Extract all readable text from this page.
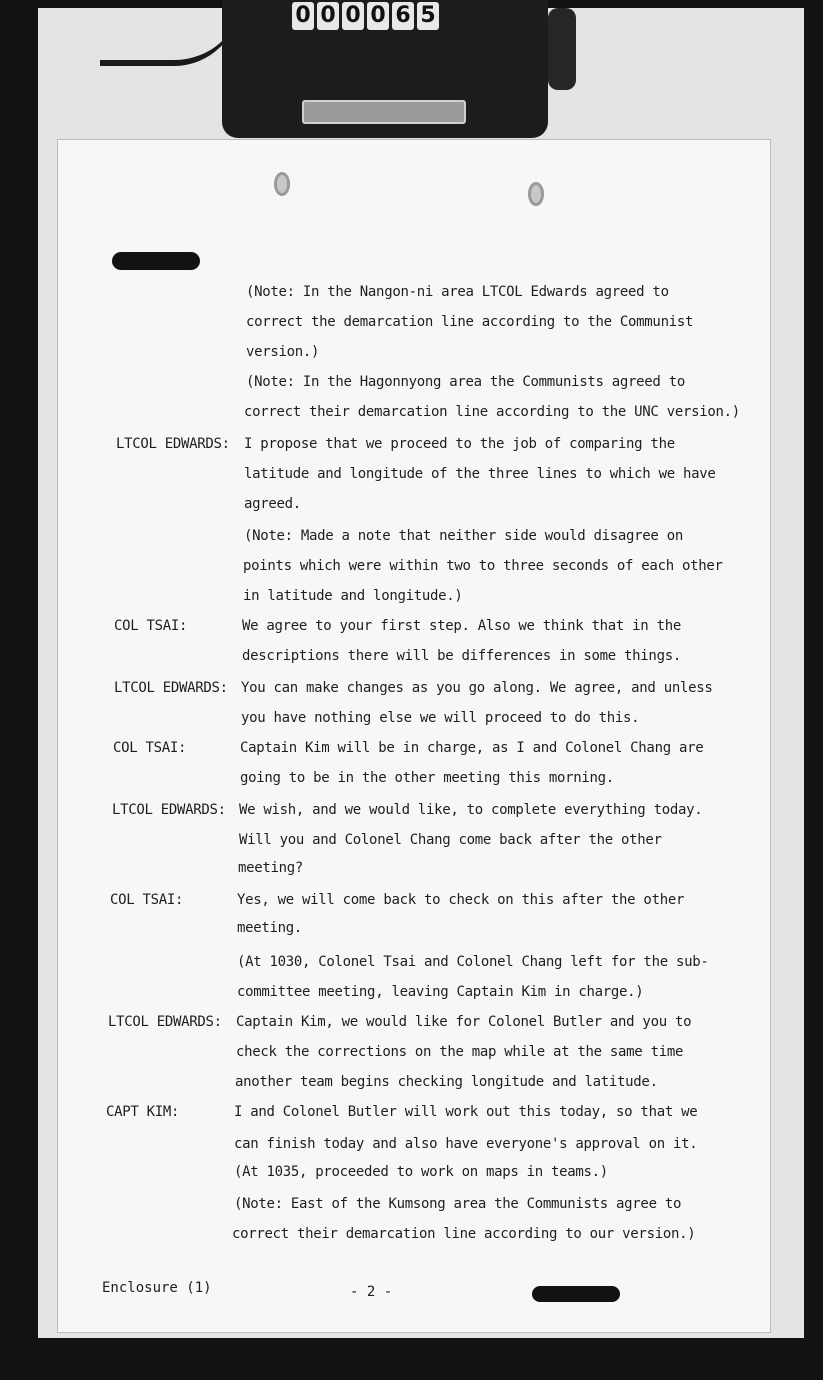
0 0 0 0 6 5
(Note: In the Nangon-ni area LTCOL Edwards agreed to
correct the demarcation line according to the Communist
version.)
(Note: In the Hagonnyong area the Communists agreed to
correct their demarcation line according to the UNC version.)
LTCOL EDWARDS: I propose that we proceed to the job of comparing the
latitude and longitude of the three lines to which we have
agreed.
(Note: Made a note that neither side would disagree on
points which were within two to three seconds of each other
in latitude and longitude.)
COL TSAI:	We agree to your first step. Also we think that in the
descriptions there will be differences in some things.
LTCOL EDWARDS: You can make changes as you go along. We agree, and unless
you have nothing else we will proceed to do this.
COL TSAI:	Captain Kim will be in charge, as I and Colonel Chang are
going to be in the other meeting this morning.
LTCOL EDWARDS: We wish, and we would like, to complete everything today.
Will you and Colonel Chang come back after the other
meeting?
COL TSAI:	Yes, we will come back to check on this after the other
meeting.
(At 1030, Colonel Tsai and Colonel Chang left for the sub-
committee meeting, leaving Captain Kim in charge.)
LTCOL EDWARDS: Captain Kim, we would like for Colonel Butler and you to
check the corrections on the map while at the same time
another team begins checking longitude and latitude.
CAPT KIM:	I and Colonel Butler will work out this today, so that we
can finish today and also have everyone's approval on it.
(At 1035, proceeded to work on maps in teams.)
(Note: East of the Kumsong area the Communists agree to
correct their demarcation line according to our version.)
Enclosure (1)	- 2 -
